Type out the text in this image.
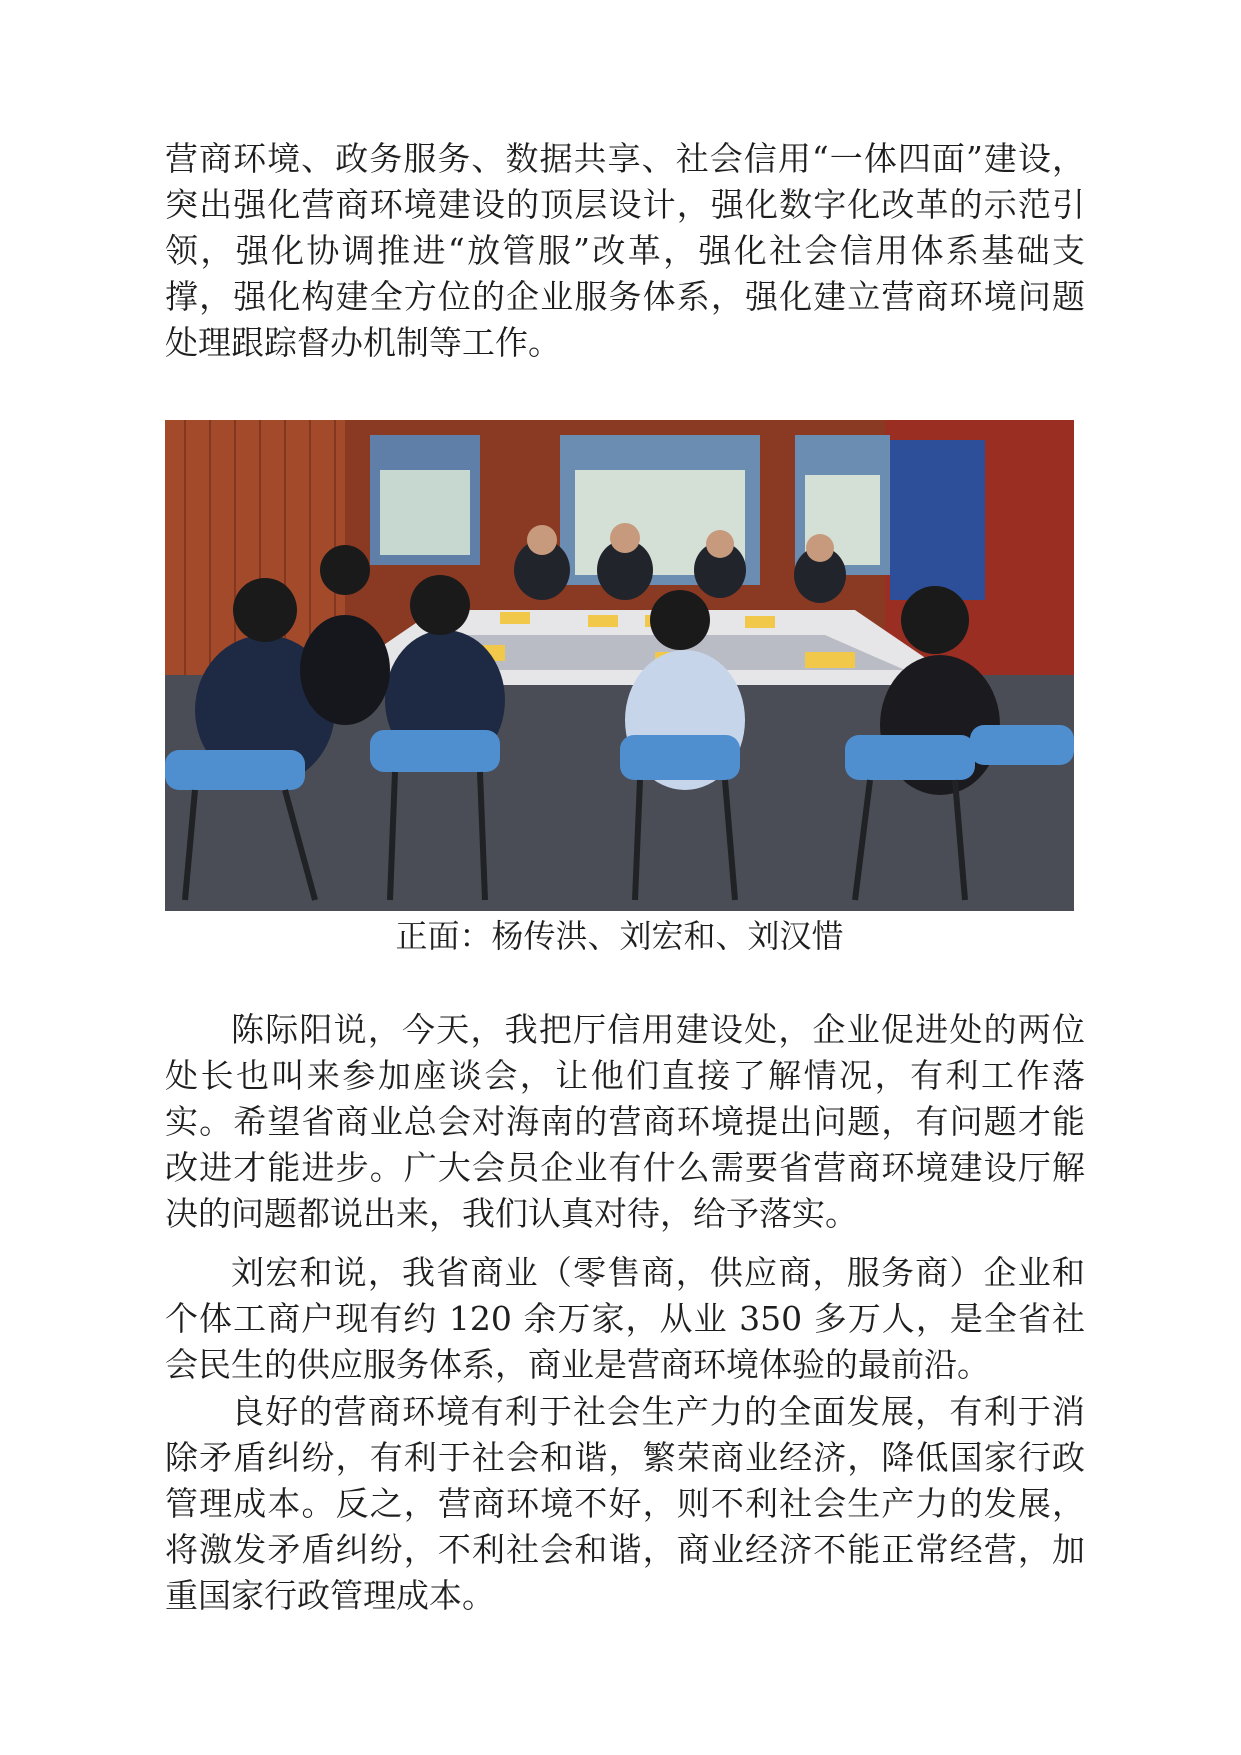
营商环境、政务服务、数据共享、社会信用“一体四面”建设，突出强化营商环境建设的顶层设计，强化数字化改革的示范引领，强化协调推进“放管服”改革，强化社会信用体系基础支撑，强化构建全方位的企业服务体系，强化建立营商环境问题处理跟踪督办机制等工作。

正面：杨传洪、刘宏和、刘汉惜

陈际阳说，今天，我把厅信用建设处，企业促进处的两位处长也叫来参加座谈会，让他们直接了解情况，有利工作落实。希望省商业总会对海南的营商环境提出问题，有问题才能改进才能进步。广大会员企业有什么需要省营商环境建设厅解决的问题都说出来，我们认真对待，给予落实。

刘宏和说，我省商业（零售商，供应商，服务商）企业和个体工商户现有约 120 余万家，从业 350 多万人，是全省社会民生的供应服务体系，商业是营商环境体验的最前沿。

良好的营商环境有利于社会生产力的全面发展，有利于消除矛盾纠纷，有利于社会和谐，繁荣商业经济，降低国家行政管理成本。反之，营商环境不好，则不利社会生产力的发展，将激发矛盾纠纷，不利社会和谐，商业经济不能正常经营，加重国家行政管理成本。
